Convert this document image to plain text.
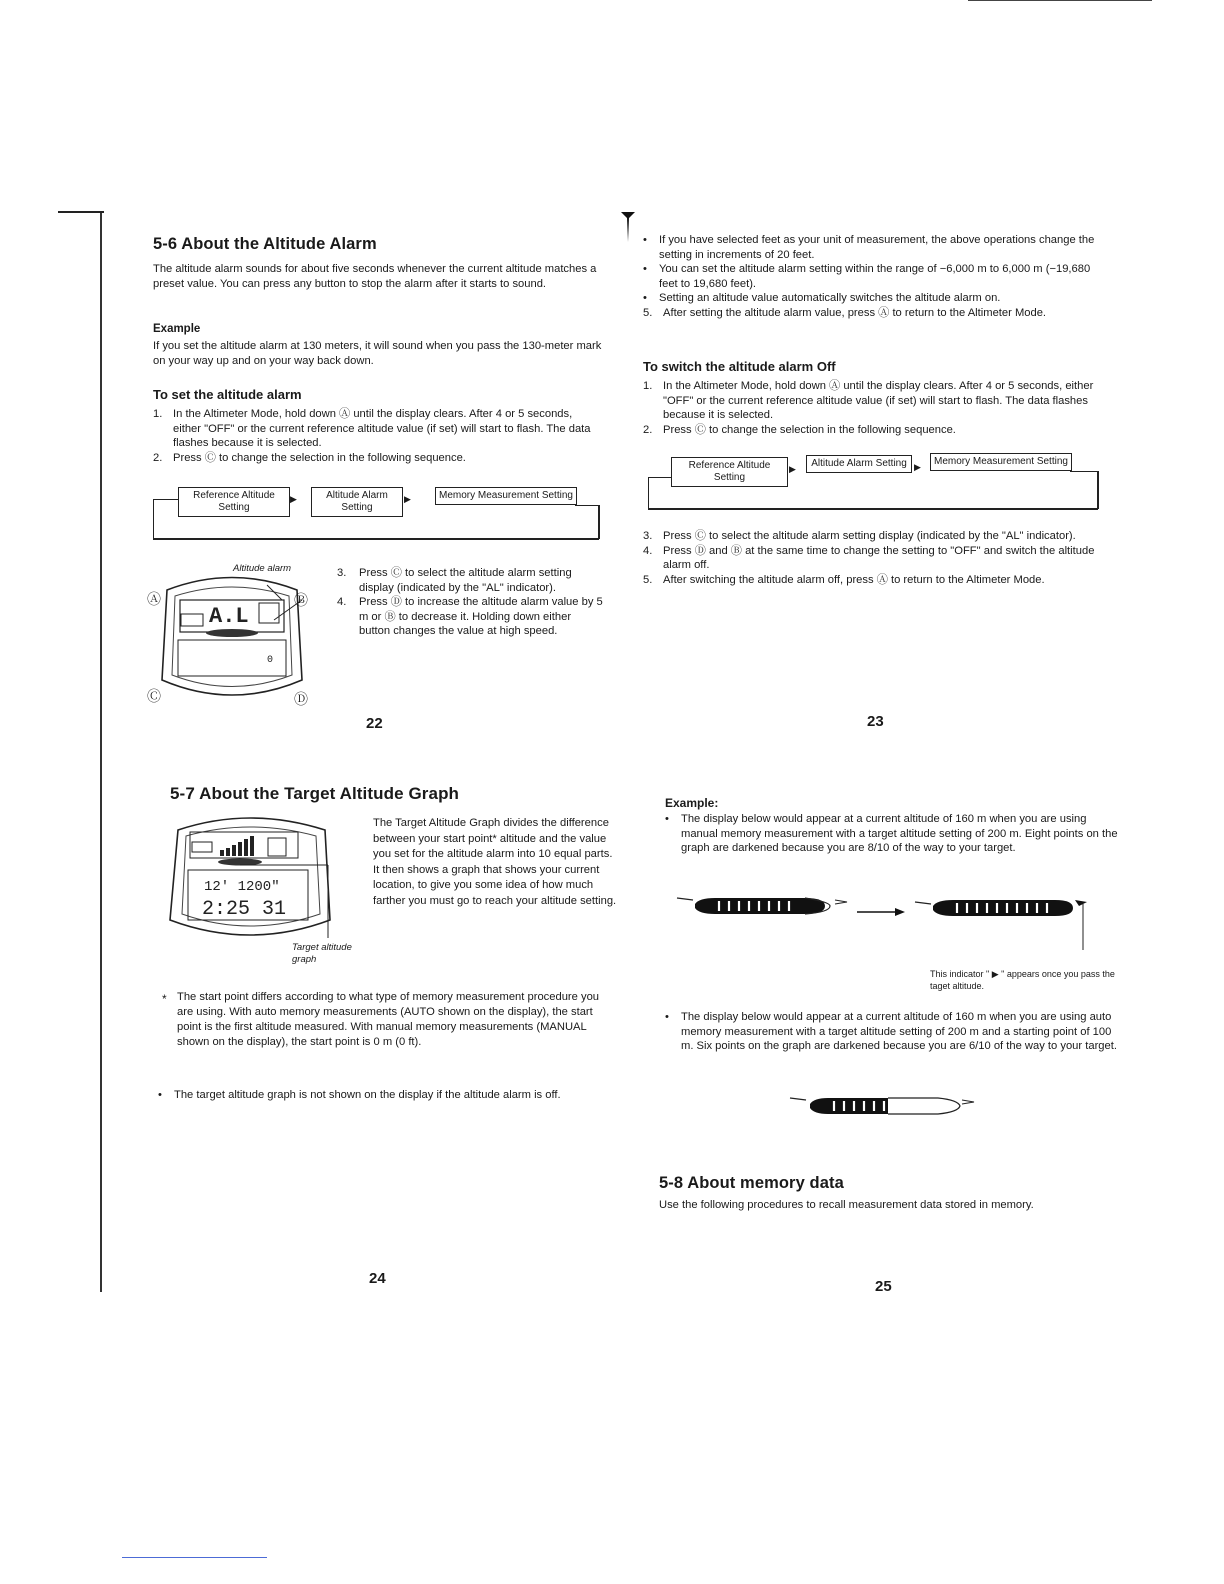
5-6 About the Altitude Alarm
The altitude alarm sounds for about five seconds whenever the current altitude matches a preset value. You can press any button to stop the alarm after it starts to sound.
Example
If you set the altitude alarm at 130 meters, it will sound when you pass the 130-meter mark on your way up and on your way back down.
To set the altitude alarm
1. In the Altimeter Mode, hold down Ⓐ until the display clears. After 4 or 5 seconds, either "OFF" or the current reference altitude value (if set) will start to flash. The data flashes because it is selected.
2. Press Ⓒ to change the selection in the following sequence.
Reference Altitude Setting
▶	Altitude Alarm Setting
▶	Memory Measurement Setting
Altitude alarm
A.L
0
Ⓐ	Ⓑ
Ⓒ	Ⓓ
3. Press Ⓒ to select the altitude alarm setting display (indicated by the "AL" indicator).
4. Press Ⓓ to increase the altitude alarm value by 5 m or Ⓑ to decrease it. Holding down either button changes the value at high speed.
22
• If you have selected feet as your unit of measurement, the above operations change the setting in increments of 20 feet.
• You can set the altitude alarm setting within the range of −6,000 m to 6,000 m (−19,680 feet to 19,680 feet).
• Setting an altitude value automatically switches the altitude alarm on.
5. After setting the altitude alarm value, press Ⓐ to return to the Altimeter Mode.
To switch the altitude alarm Off
1. In the Altimeter Mode, hold down Ⓐ until the display clears. After 4 or 5 seconds, either "OFF" or the current reference altitude value (if set) will start to flash. The data flashes because it is selected.
2. Press Ⓒ to change the selection in the following sequence.
Reference Altitude Setting
▶	Altitude Alarm Setting ▶	Memory Measurement Setting
3. Press Ⓒ to select the altitude alarm setting display (indicated by the "AL" indicator).
4. Press Ⓓ and Ⓑ at the same time to change the setting to "OFF" and switch the altitude alarm off.
5. After switching the altitude alarm off, press Ⓐ to return to the Altimeter Mode.
23
5-7 About the Target Altitude Graph
12' 1200"
2:25 31
Target altitude graph
The Target Altitude Graph divides the difference between your start point* altitude and the value you set for the altitude alarm into 10 equal parts. It then shows a graph that shows your current location, to give you some idea of how much farther you must go to reach your altitude setting.
* The start point differs according to what type of memory measurement procedure you are using. With auto memory measurements (AUTO shown on the display), the start point is the first altitude measured. With manual memory measurements (MANUAL shown on the display), the start point is 0 m (0 ft).
• The target altitude graph is not shown on the display if the altitude alarm is off.
24
Example:
• The display below would appear at a current altitude of 160 m when you are using manual memory measurement with a target altitude setting of 200 m. Eight points on the graph are darkened because you are 8/10 of the way to your target.
This indicator " ▶ " appears once you pass the taget altitude.
• The display below would appear at a current altitude of 160 m when you are using auto memory measurement with a target altitude setting of 200 m and a starting point of 100 m. Six points on the graph are darkened because you are 6/10 of the way to your target.
5-8 About memory data
Use the following procedures to recall measurement data stored in memory.
25
